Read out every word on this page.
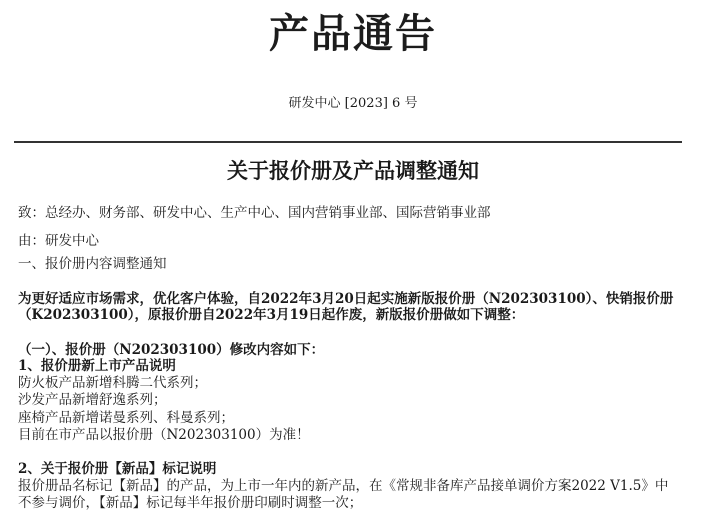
产品通告
研发中心 [2023] 6 号
关于报价册及产品调整通知
致：总经办、财务部、研发中心、生产中心、国内营销事业部、国际营销事业部
由：研发中心
一、报价册内容调整通知
为更好适应市场需求，优化客户体验，自2022年3月20日起实施新版报价册（N202303100）、快销报价册
（K202303100），原报价册自2022年3月19日起作废，新版报价册做如下调整：
（一）、报价册（N202303100）修改内容如下：
1、报价册新上市产品说明
防火板产品新增科腾二代系列；
沙发产品新增舒逸系列；
座椅产品新增诺曼系列、科曼系列；
目前在市产品以报价册（N202303100）为准！
2、关于报价册【新品】标记说明
报价册品名标记【新品】的产品，为上市一年内的新产品，在《常规非备库产品接单调价方案2022 V1.5》中
不参与调价，【新品】标记每半年报价册印刷时调整一次；
